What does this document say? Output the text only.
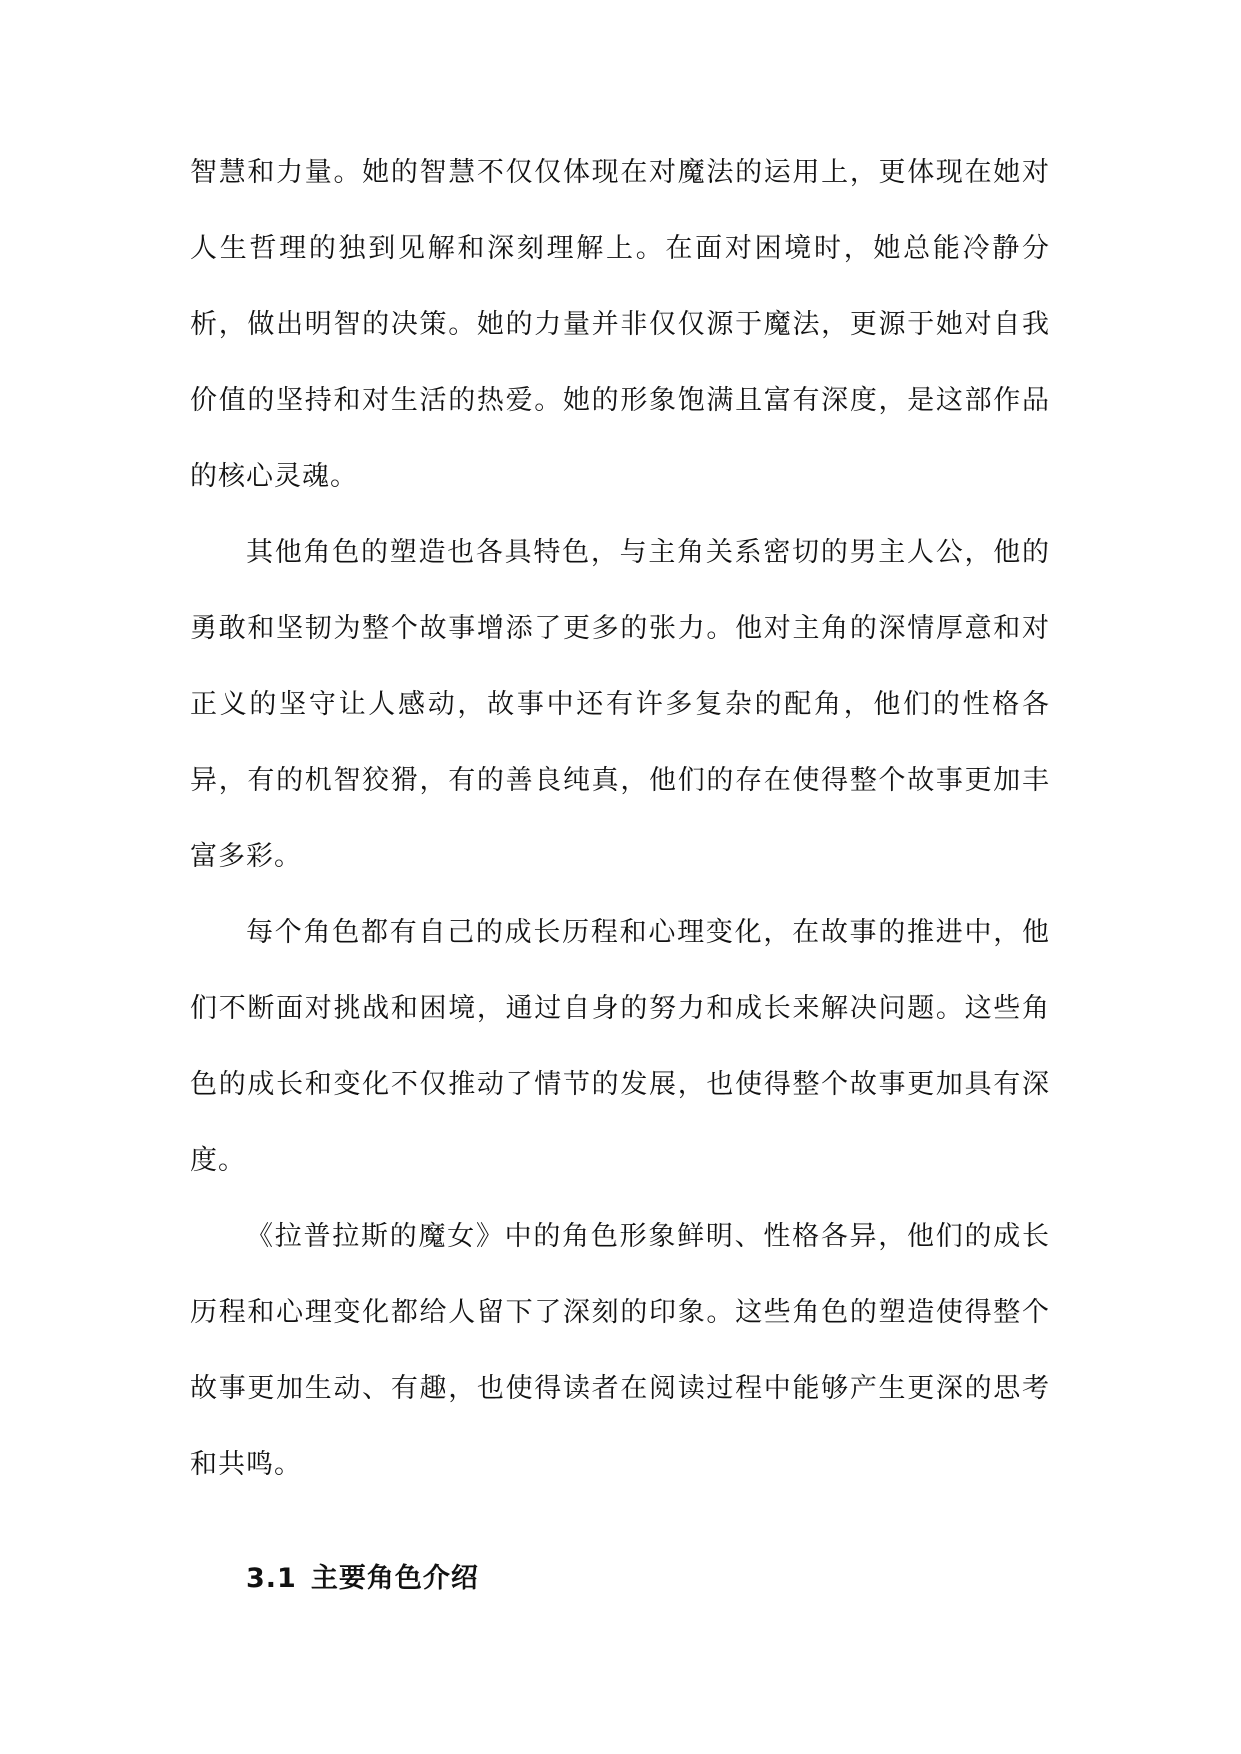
智慧和力量。她的智慧不仅仅体现在对魔法的运用上，更体现在她对人生哲理的独到见解和深刻理解上。在面对困境时，她总能冷静分析，做出明智的决策。她的力量并非仅仅源于魔法，更源于她对自我价值的坚持和对生活的热爱。她的形象饱满且富有深度，是这部作品的核心灵魂。

其他角色的塑造也各具特色，与主角关系密切的男主人公，他的勇敢和坚韧为整个故事增添了更多的张力。他对主角的深情厚意和对正义的坚守让人感动，故事中还有许多复杂的配角，他们的性格各异，有的机智狡猾，有的善良纯真，他们的存在使得整个故事更加丰富多彩。

每个角色都有自己的成长历程和心理变化，在故事的推进中，他们不断面对挑战和困境，通过自身的努力和成长来解决问题。这些角色的成长和变化不仅推动了情节的发展，也使得整个故事更加具有深度。

《拉普拉斯的魔女》中的角色形象鲜明、性格各异，他们的成长历程和心理变化都给人留下了深刻的印象。这些角色的塑造使得整个故事更加生动、有趣，也使得读者在阅读过程中能够产生更深的思考和共鸣。

3.1 主要角色介绍
